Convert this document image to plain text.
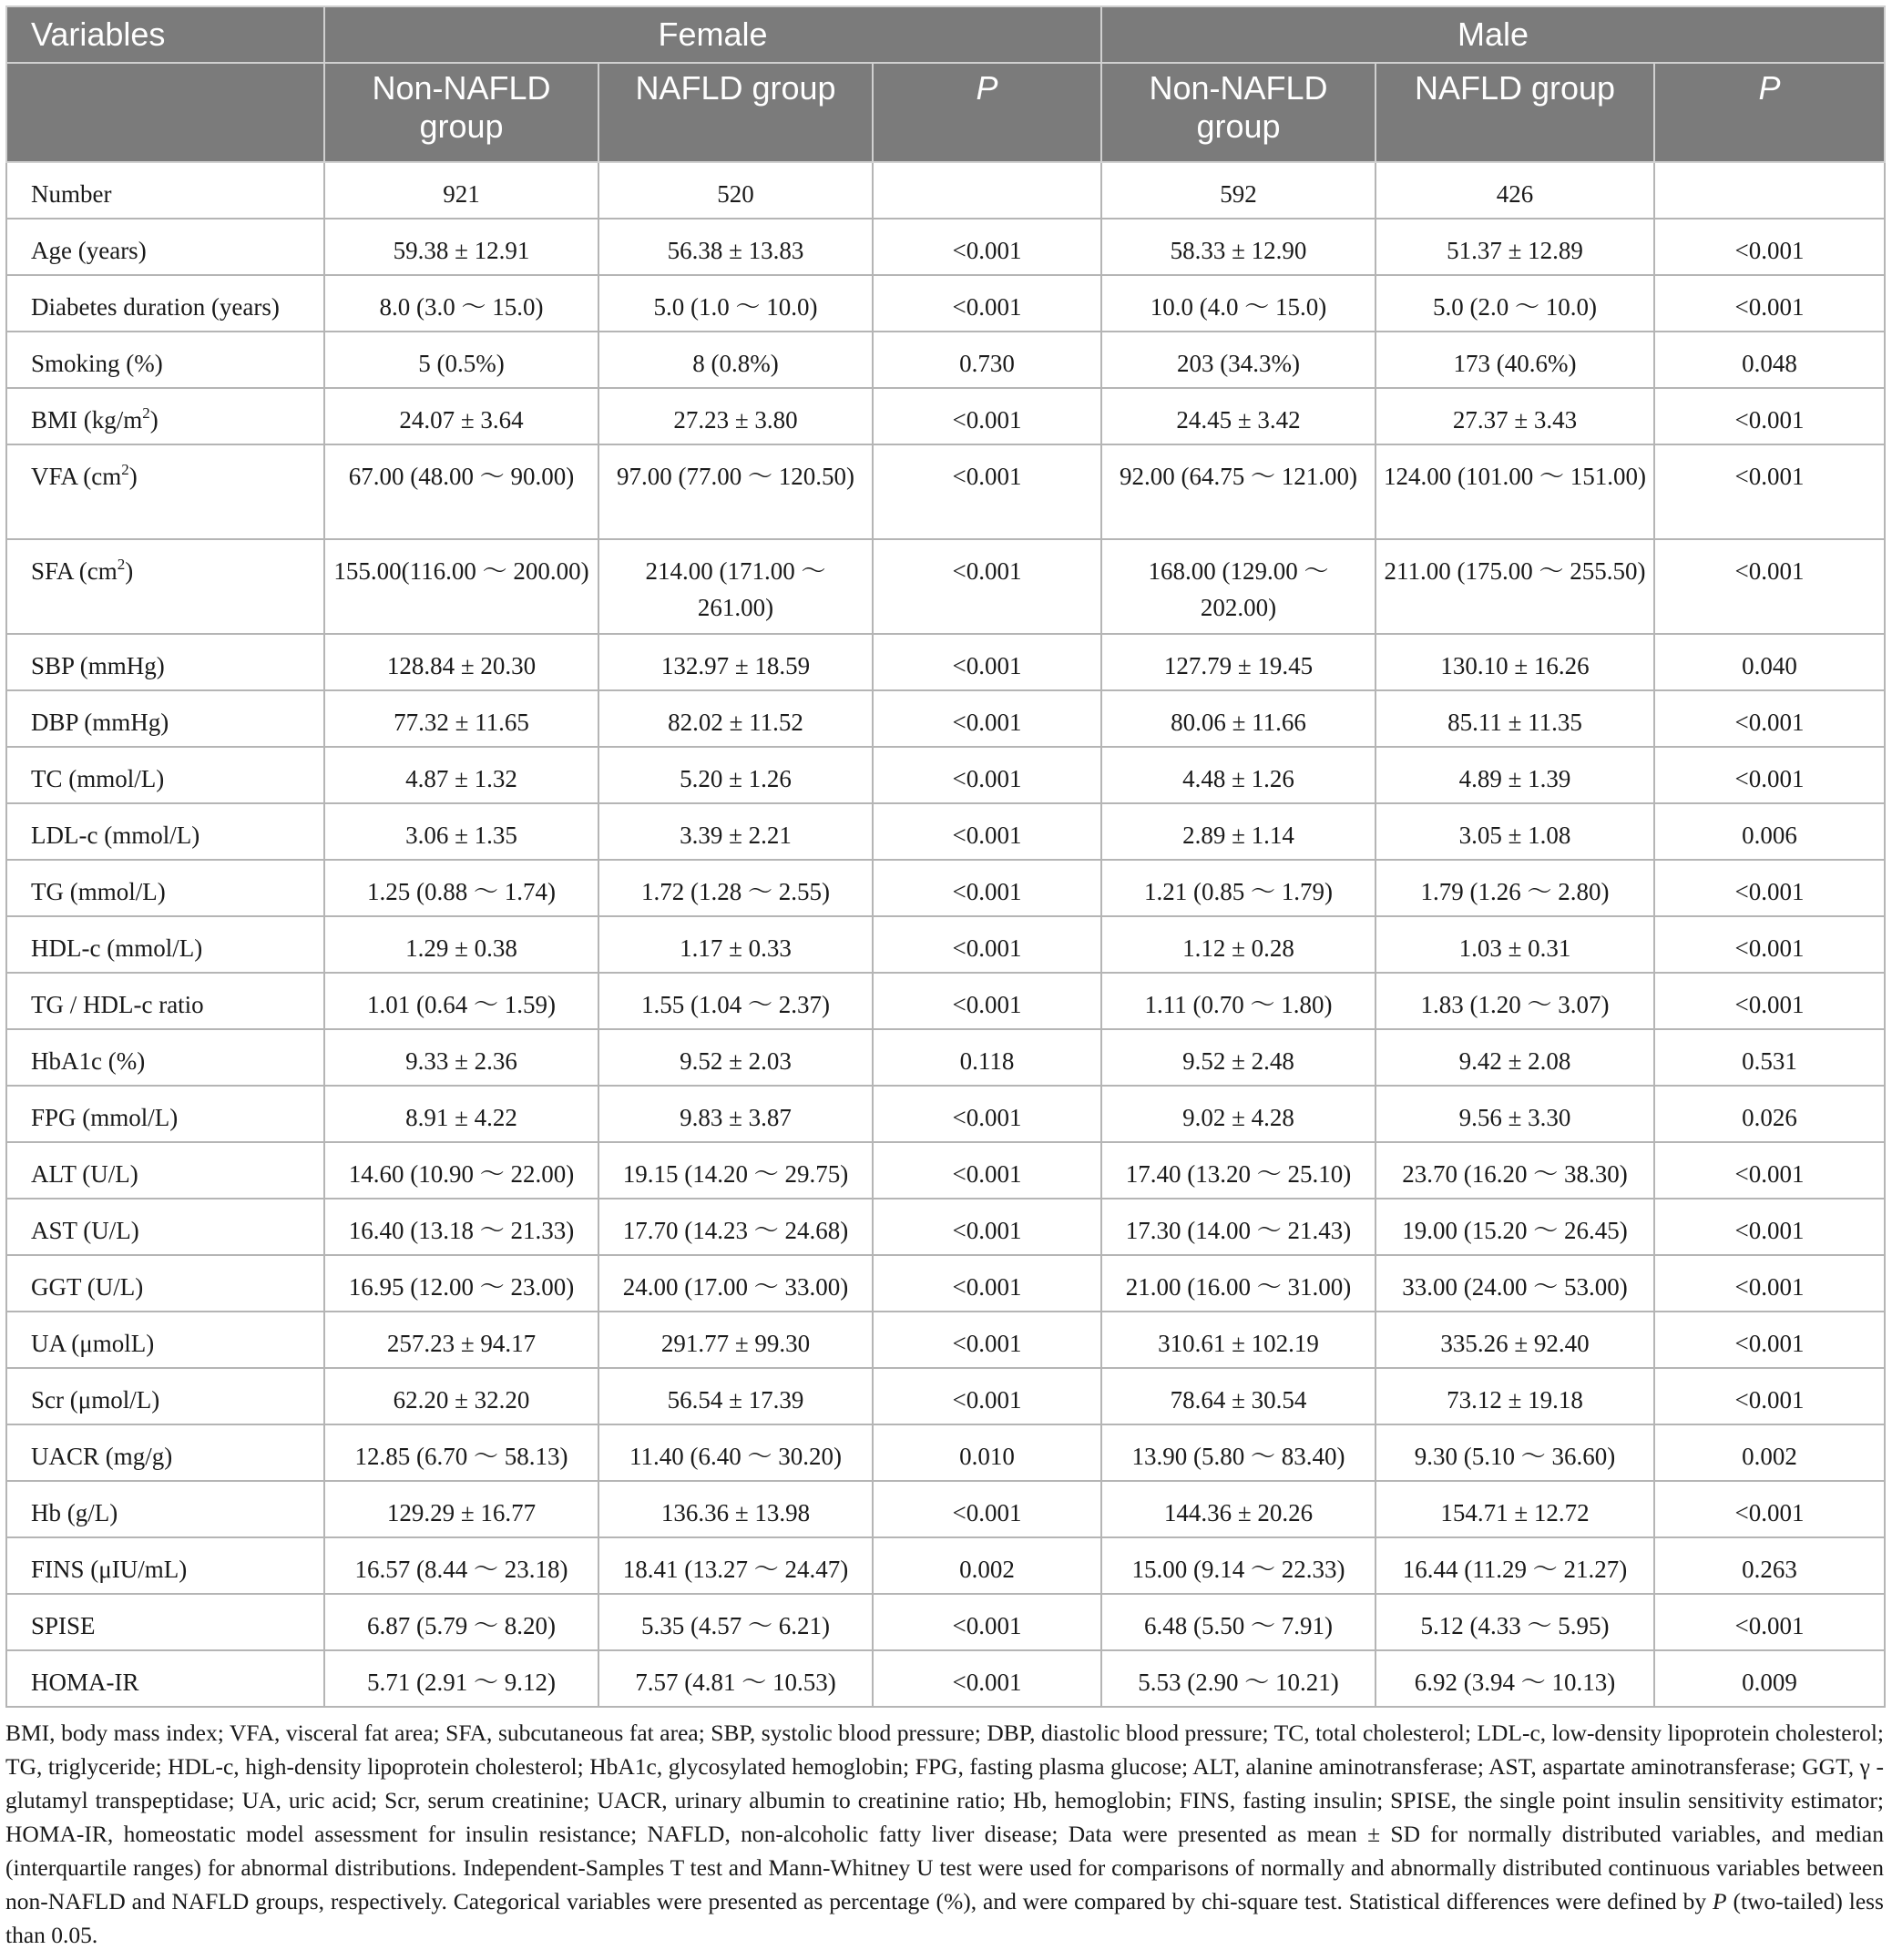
Variables	Female			Male		
	Non-NAFLD group	NAFLD group	P	Non-NAFLD group	NAFLD group	P
Number	921	520		592	426	
Age (years)	59.38 ± 12.91	56.38 ± 13.83	<0.001	58.33 ± 12.90	51.37 ± 12.89	<0.001
Diabetes duration (years)	8.0 (3.0 ～ 15.0)	5.0 (1.0 ～ 10.0)	<0.001	10.0 (4.0 ～ 15.0)	5.0 (2.0 ～ 10.0)	<0.001
Smoking (%)	5 (0.5%)	8 (0.8%)	0.730	203 (34.3%)	173 (40.6%)	0.048
BMI $(kg/m^2)$	24.07 ± 3.64	27.23 ± 3.80	<0.001	24.45 ± 3.42	27.37 ± 3.43	<0.001
VFA $(cm^2)$	67.00 (48.00 ～ 90.00)	97.00 (77.00 ～ 120.50)	<0.001	92.00 (64.75 ～ 121.00)	124.00 (101.00 ～ 151.00)	<0.001
SFA $(cm^2)$	155.00(116.00 ～ 200.00)	214.00 (171.00 ～ 261.00)	<0.001	168.00 (129.00 ～ 202.00)	211.00 (175.00 ～ 255.50)	<0.001
SBP (mmHg)	128.84 ± 20.30	132.97 ± 18.59	<0.001	127.79 ± 19.45	130.10 ± 16.26	0.040
DBP (mmHg)	77.32 ± 11.65	82.02 ± 11.52	<0.001	80.06 ± 11.66	85.11 ± 11.35	<0.001
TC (mmol/L)	4.87 ± 1.32	5.20 ± 1.26	<0.001	4.48 ± 1.26	4.89 ± 1.39	<0.001
LDL-c (mmol/L)	3.06 ± 1.35	3.39 ± 2.21	<0.001	2.89 ± 1.14	3.05 ± 1.08	0.006
TG (mmol/L)	1.25 (0.88 ～ 1.74)	1.72 (1.28 ～ 2.55)	<0.001	1.21 (0.85 ～ 1.79)	1.79 (1.26 ～ 2.80)	<0.001
HDL-c (mmol/L)	1.29 ± 0.38	1.17 ± 0.33	<0.001	1.12 ± 0.28	1.03 ± 0.31	<0.001
TG / HDL-c ratio	1.01 (0.64 ～ 1.59)	1.55 (1.04 ～ 2.37)	<0.001	1.11 (0.70 ～ 1.80)	1.83 (1.20 ～ 3.07)	<0.001
HbA1c (%)	9.33 ± 2.36	9.52 ± 2.03	0.118	9.52 ± 2.48	9.42 ± 2.08	0.531
FPG (mmol/L)	8.91 ± 4.22	9.83 ± 3.87	<0.001	9.02 ± 4.28	9.56 ± 3.30	0.026
ALT (U/L)	14.60 (10.90 ～ 22.00)	19.15 (14.20 ～ 29.75)	<0.001	17.40 (13.20 ～ 25.10)	23.70 (16.20 ～ 38.30)	<0.001
AST (U/L)	16.40 (13.18 ～ 21.33)	17.70 (14.23 ～ 24.68)	<0.001	17.30 (14.00 ～ 21.43)	19.00 (15.20 ～ 26.45)	<0.001
GGT (U/L)	16.95 (12.00 ～ 23.00)	24.00 (17.00 ～ 33.00)	<0.001	21.00 (16.00 ～ 31.00)	33.00 (24.00 ～ 53.00)	<0.001
UA (μmolL)	257.23 ± 94.17	291.77 ± 99.30	<0.001	310.61 ± 102.19	335.26 ± 92.40	<0.001
Scr (μmol/L)	62.20 ± 32.20	56.54 ± 17.39	<0.001	78.64 ± 30.54	73.12 ± 19.18	<0.001
UACR (mg/g)	12.85 (6.70 ～ 58.13)	11.40 (6.40 ～ 30.20)	0.010	13.90 (5.80 ～ 83.40)	9.30 (5.10 ～ 36.60)	0.002
Hb (g/L)	129.29 ± 16.77	136.36 ± 13.98	<0.001	144.36 ± 20.26	154.71 ± 12.72	<0.001
FINS (μIU/mL)	16.57 (8.44 ～ 23.18)	18.41 (13.27 ～ 24.47)	0.002	15.00 (9.14 ～ 22.33)	16.44 (11.29 ～ 21.27)	0.263
SPISE	6.87 (5.79 ～ 8.20)	5.35 (4.57 ～ 6.21)	<0.001	6.48 (5.50 ～ 7.91)	5.12 (4.33 ～ 5.95)	<0.001
HOMA-IR	5.71 (2.91 ～ 9.12)	7.57 (4.81 ～ 10.53)	<0.001	5.53 (2.90 ～ 10.21)	6.92 (3.94 ～ 10.13)	0.009
BMI, body mass index; VFA, visceral fat area; SFA, subcutaneous fat area; SBP, systolic blood pressure; DBP, diastolic blood pressure; TC, total cholesterol; LDL-c, low-density lipoprotein cholesterol; TG, triglyceride; HDL-c, high-density lipoprotein cholesterol; HbA1c, glycosylated hemoglobin; FPG, fasting plasma glucose; ALT, alanine aminotransferase; AST, aspartate aminotransferase; GGT, γ - glutamyl transpeptidase; UA, uric acid; Scr, serum creatinine; UACR, urinary albumin to creatinine ratio; Hb, hemoglobin; FINS, fasting insulin; SPISE, the single point insulin sensitivity estimator; HOMA-IR, homeostatic model assessment for insulin resistance; NAFLD, non-alcoholic fatty liver disease; Data were presented as mean ± SD for normally distributed variables, and median (interquartile ranges) for abnormal distributions. Independent-Samples T test and Mann-Whitney U test were used for comparisons of normally and abnormally distributed continuous variables between non-NAFLD and NAFLD groups, respectively. Categorical variables were presented as percentage (%), and were compared by chi-square test. Statistical differences were defined by P (two-tailed) less than 0.05.
